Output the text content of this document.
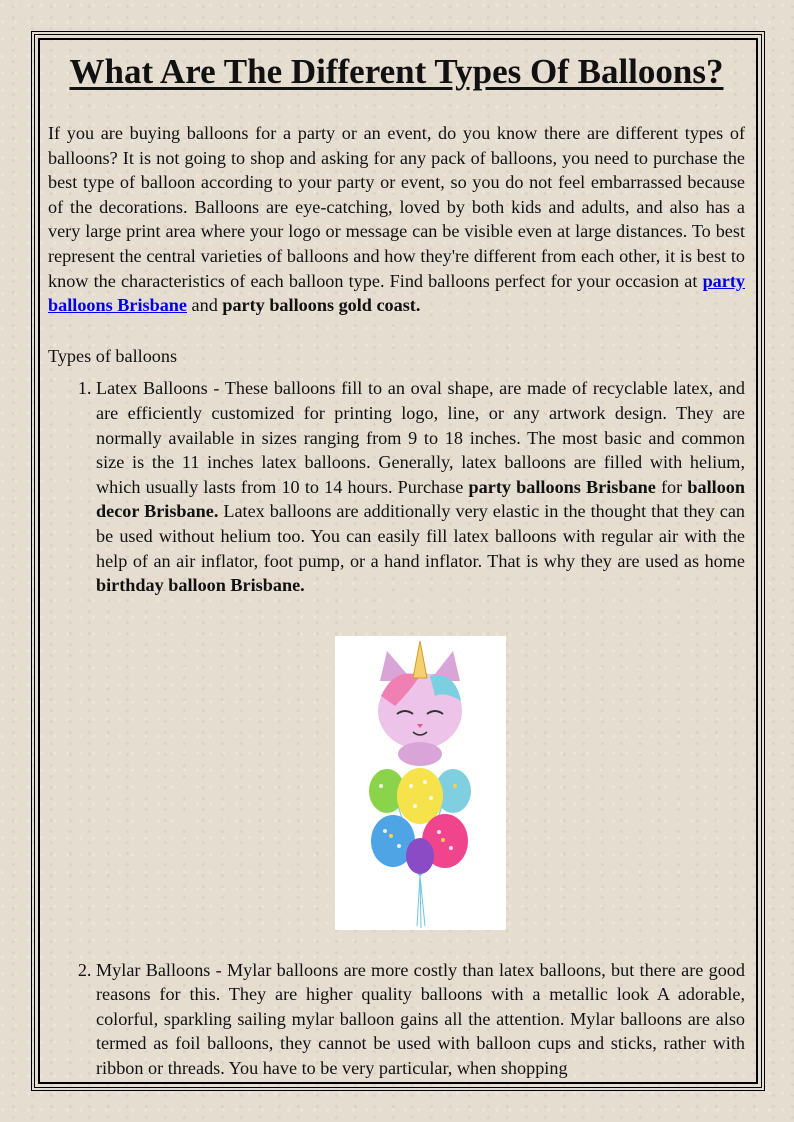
What Are The Different Types Of Balloons?

If you are buying balloons for a party or an event, do you know there are different types of balloons? It is not going to shop and asking for any pack of balloons, you need to purchase the best type of balloon according to your party or event, so you do not feel embarrassed because of the decorations. Balloons are eye-catching, loved by both kids and adults, and also has a very large print area where your logo or message can be visible even at large distances. To best represent the central varieties of balloons and how they're different from each other, it is best to know the characteristics of each balloon type. Find balloons perfect for your occasion at party balloons Brisbane and party balloons gold coast.

Types of balloons

1. Latex Balloons - These balloons fill to an oval shape, are made of recyclable latex, and are efficiently customized for printing logo, line, or any artwork design. They are normally available in sizes ranging from 9 to 18 inches. The most basic and common size is the 11 inches latex balloons. Generally, latex balloons are filled with helium, which usually lasts from 10 to 14 hours. Purchase party balloons Brisbane for balloon decor Brisbane. Latex balloons are additionally very elastic in the thought that they can be used without helium too. You can easily fill latex balloons with regular air with the help of an air inflator, foot pump, or a hand inflator. That is why they are used as home birthday balloon Brisbane.
2. Mylar Balloons - Mylar balloons are more costly than latex balloons, but there are good reasons for this. They are higher quality balloons with a metallic look A adorable, colorful, sparkling sailing mylar balloon gains all the attention. Mylar balloons are also termed as foil balloons, they cannot be used with balloon cups and sticks, rather with ribbon or threads. You have to be very particular, when shopping
